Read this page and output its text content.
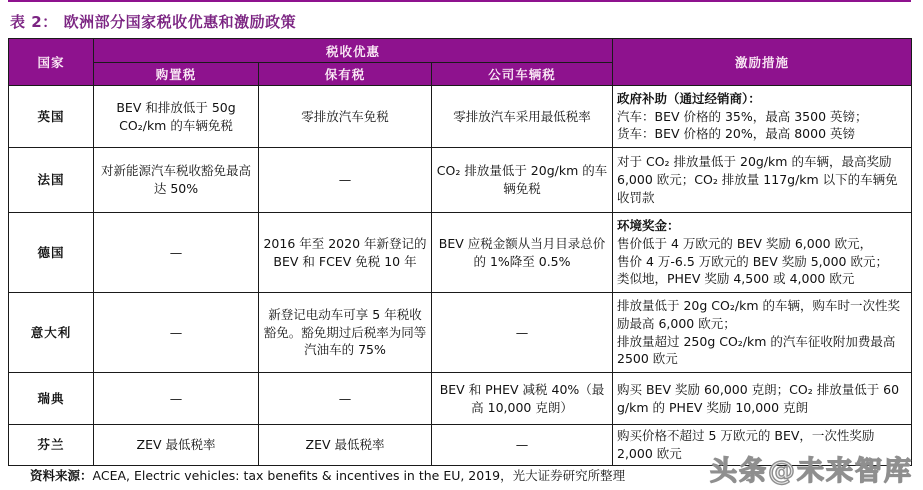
表 2： 欧洲部分国家税收优惠和激励政策
国家	税收优惠			激励措施
	购置税	保有税	公司车辆税	
英国	BEV 和排放低于 50g CO₂/km 的车辆免税	零排放汽车免税	零排放汽车采用最低税率	政府补助（通过经销商）：
汽车：BEV 价格的 35%，最高 3500 英镑；
货车：BEV 价格的 20%，最高 8000 英镑

法国	对新能源汽车税收豁免最高达 50%	—	CO₂ 排放量低于 20g/km 的车辆免税	对于 CO₂ 排放量低于 20g/km 的车辆，最高奖励 6,000 欧元；CO₂ 排放量 117g/km 以下的车辆免收罚款

德国	—	2016 年至 2020 年新登记的 BEV 和 FCEV 免税 10 年	BEV 应税金额从当月目录总价的 1%降至 0.5%	环境奖金：
售价低于 4 万欧元的 BEV 奖励 6,000 欧元，
售价 4 万-6.5 万欧元的 BEV 奖励 5,000 欧元；
类似地，PHEV 奖励 4,500 或 4,000 欧元

意大利	—	新登记电动车可享 5 年税收豁免。豁免期过后税率为同等汽油车的 75%	—	排放量低于 20g CO₂/km 的车辆，购车时一次性奖励最高 6,000 欧元；
排放量超过 250g CO₂/km 的汽车征收附加费最高 2500 欧元

瑞典	—	—	BEV 和 PHEV 减税 40%（最高 10,000 克朗）	购买 BEV 奖励 60,000 克朗；CO₂ 排放量低于 60 g/km 的 PHEV 奖励 10,000 克朗

芬兰	ZEV 最低税率	ZEV 最低税率	—	购买价格不超过 5 万欧元的 BEV，一次性奖励 2,000 欧元
资料来源：ACEA, Electric vehicles: tax benefits & incentives in the EU, 2019，光大证券研究所整理	头条@未来智库
